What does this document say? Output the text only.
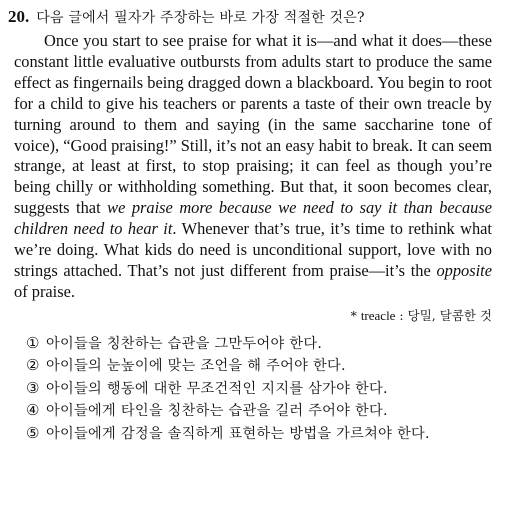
20. 다음 글에서 필자가 주장하는 바로 가장 적절한 것은?

Once you start to see praise for what it is—and what it does—these constant little evaluative outbursts from adults start to produce the same effect as fingernails being dragged down a blackboard. You begin to root for a child to give his teachers or parents a taste of their own treacle by turning around to them and saying (in the same saccharine tone of voice), “Good praising!” Still, it’s not an easy habit to break. It can seem strange, at least at first, to stop praising; it can feel as though you’re being chilly or withholding something. But that, it soon becomes clear, suggests that we praise more because we need to say it than because children need to hear it. Whenever that’s true, it’s time to rethink what we’re doing. What kids do need is unconditional support, love with no strings attached. That’s not just different from praise—it’s the opposite of praise.

* treacle : 당밀, 달콤한 것
① 아이들을 칭찬하는 습관을 그만두어야 한다.
② 아이들의 눈높이에 맞는 조언을 해 주어야 한다.
③ 아이들의 행동에 대한 무조건적인 지지를 삼가야 한다.
④ 아이들에게 타인을 칭찬하는 습관을 길러 주어야 한다.
⑤ 아이들에게 감정을 솔직하게 표현하는 방법을 가르쳐야 한다.
